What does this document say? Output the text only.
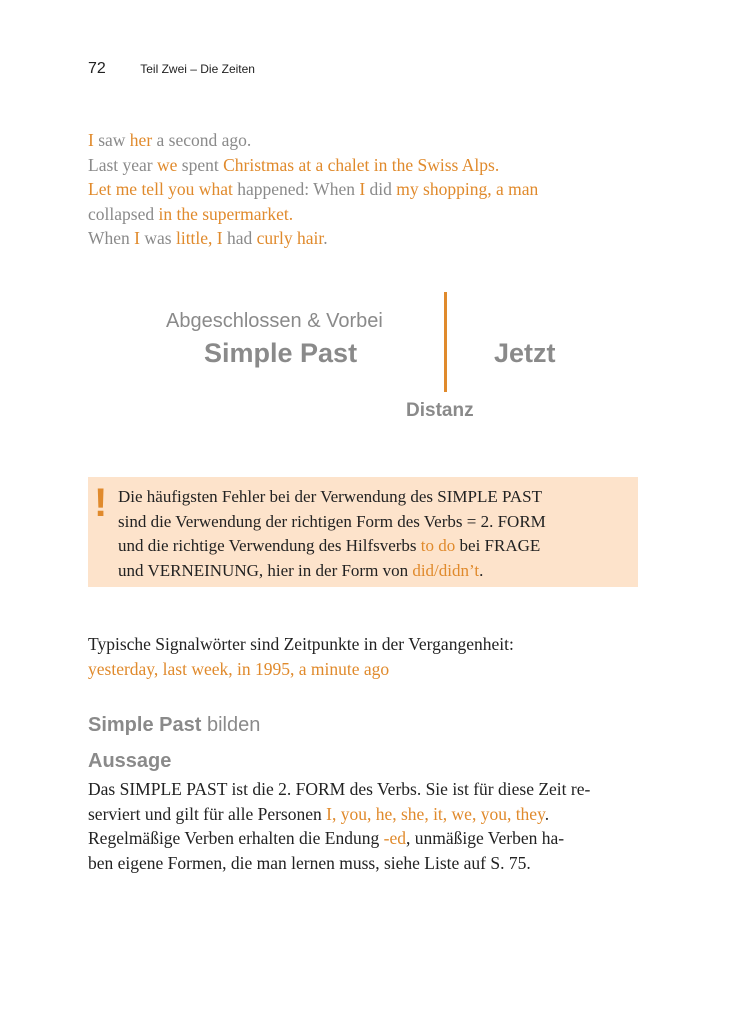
72	Teil Zwei – Die Zeiten

I saw her a second ago.

Last year we spent Christmas at a chalet in the Swiss Alps.

Let me tell you what happened: When I did my shopping, a man

collapsed in the supermarket.

When I was little, I had curly hair.

Abgeschlossen & Vorbei
Simple Past	Jetzt
Distanz
! Die häufigsten Fehler bei der Verwendung des SIMPLE PAST

sind die Verwendung der richtigen Form des Verbs = 2. FORM

und die richtige Verwendung des Hilfsverbs to do bei FRAGE

und VERNEINUNG, hier in der Form von did/didn’t.

Typische Signalwörter sind Zeitpunkte in der Vergangenheit:

yesterday, last week, in 1995, a minute ago

Simple Past bilden
Aussage

Das SIMPLE PAST ist die 2. FORM des Verbs. Sie ist für diese Zeit re-

serviert und gilt für alle Personen I, you, he, she, it, we, you, they.

Regelmäßige Verben erhalten die Endung -ed, unmäßige Verben ha-

ben eigene Formen, die man lernen muss, siehe Liste auf S. 75.
